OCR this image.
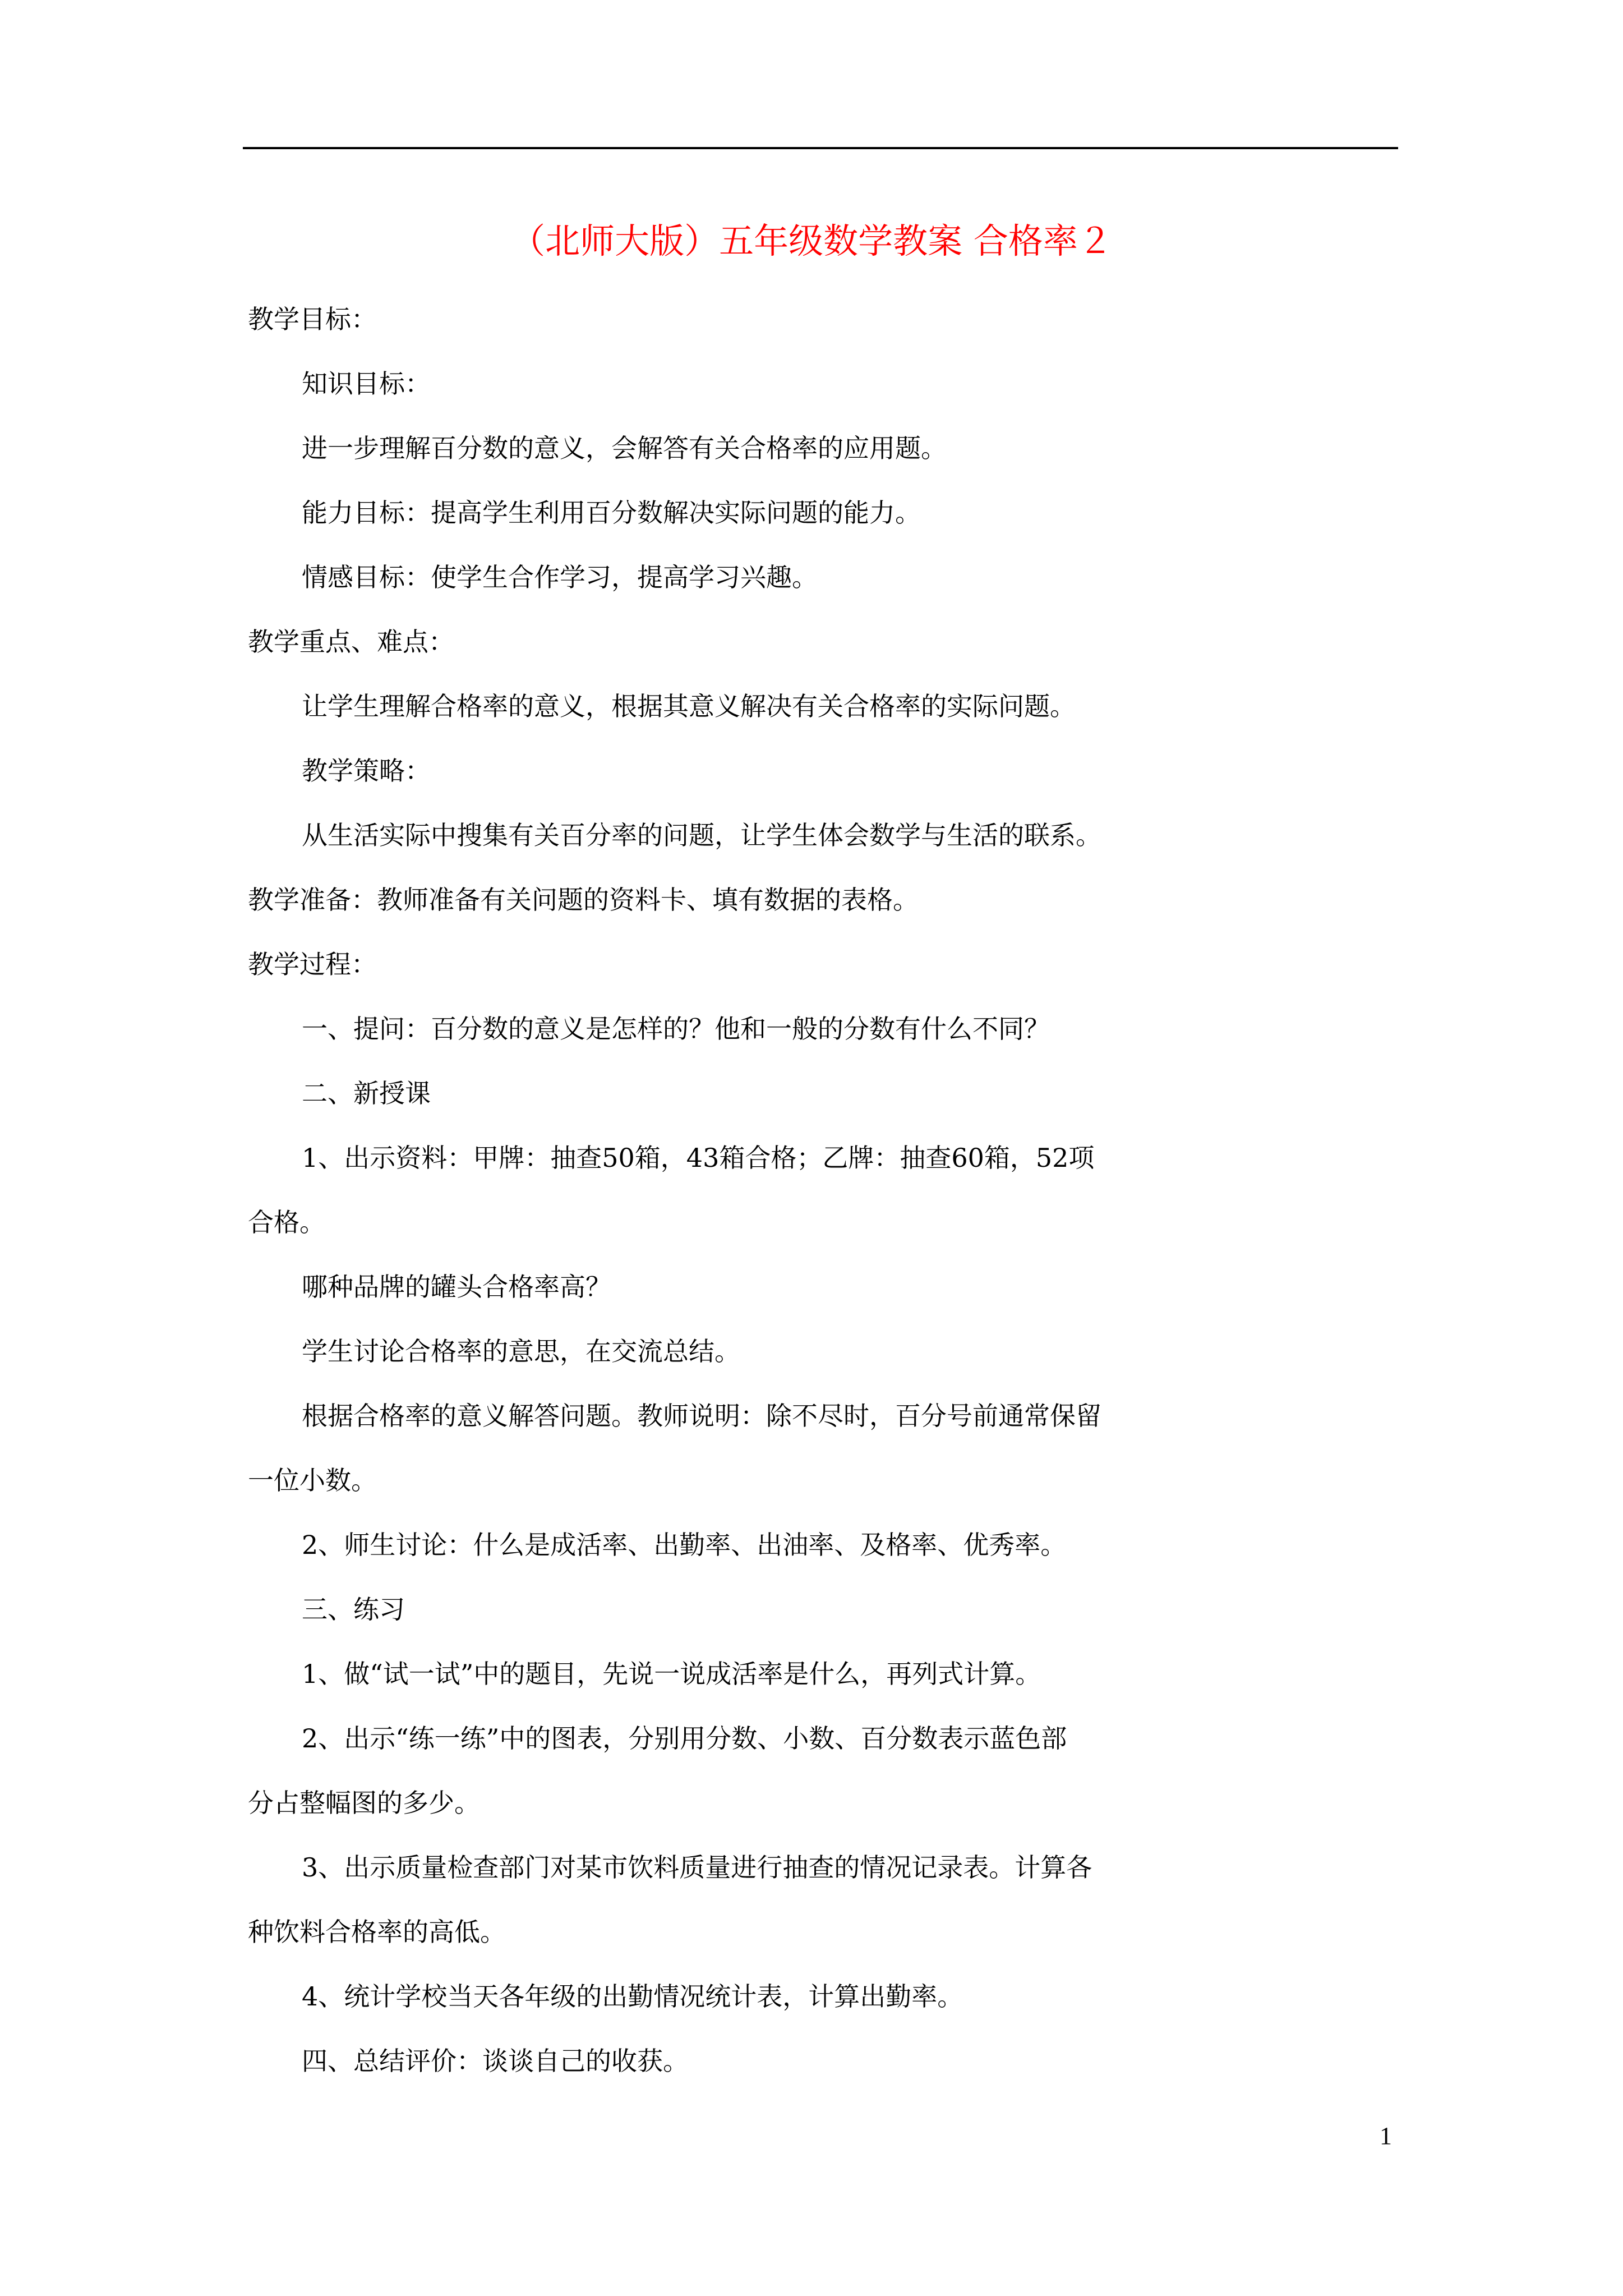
（北师大版）五年级数学教案 合格率２
教学目标：
知识目标：
进一步理解百分数的意义，会解答有关合格率的应用题。
能力目标：提高学生利用百分数解决实际问题的能力。
情感目标：使学生合作学习，提高学习兴趣。
教学重点、难点：
让学生理解合格率的意义，根据其意义解决有关合格率的实际问题。
教学策略：
从生活实际中搜集有关百分率的问题，让学生体会数学与生活的联系。
教学准备：教师准备有关问题的资料卡、填有数据的表格。
教学过程：
一、提问：百分数的意义是怎样的？他和一般的分数有什么不同？
二、新授课
1、出示资料：甲牌：抽查50箱，43箱合格；乙牌：抽查60箱，52项
合格。
哪种品牌的罐头合格率高？
学生讨论合格率的意思，在交流总结。
根据合格率的意义解答问题。教师说明：除不尽时，百分号前通常保留
一位小数。
2、师生讨论：什么是成活率、出勤率、出油率、及格率、优秀率。
三、练习
1、做“试一试”中的题目，先说一说成活率是什么，再列式计算。
2、出示“练一练”中的图表，分别用分数、小数、百分数表示蓝色部
分占整幅图的多少。
3、出示质量检查部门对某市饮料质量进行抽查的情况记录表。计算各
种饮料合格率的高低。
4、统计学校当天各年级的出勤情况统计表，计算出勤率。
四、总结评价：谈谈自己的收获。
1
